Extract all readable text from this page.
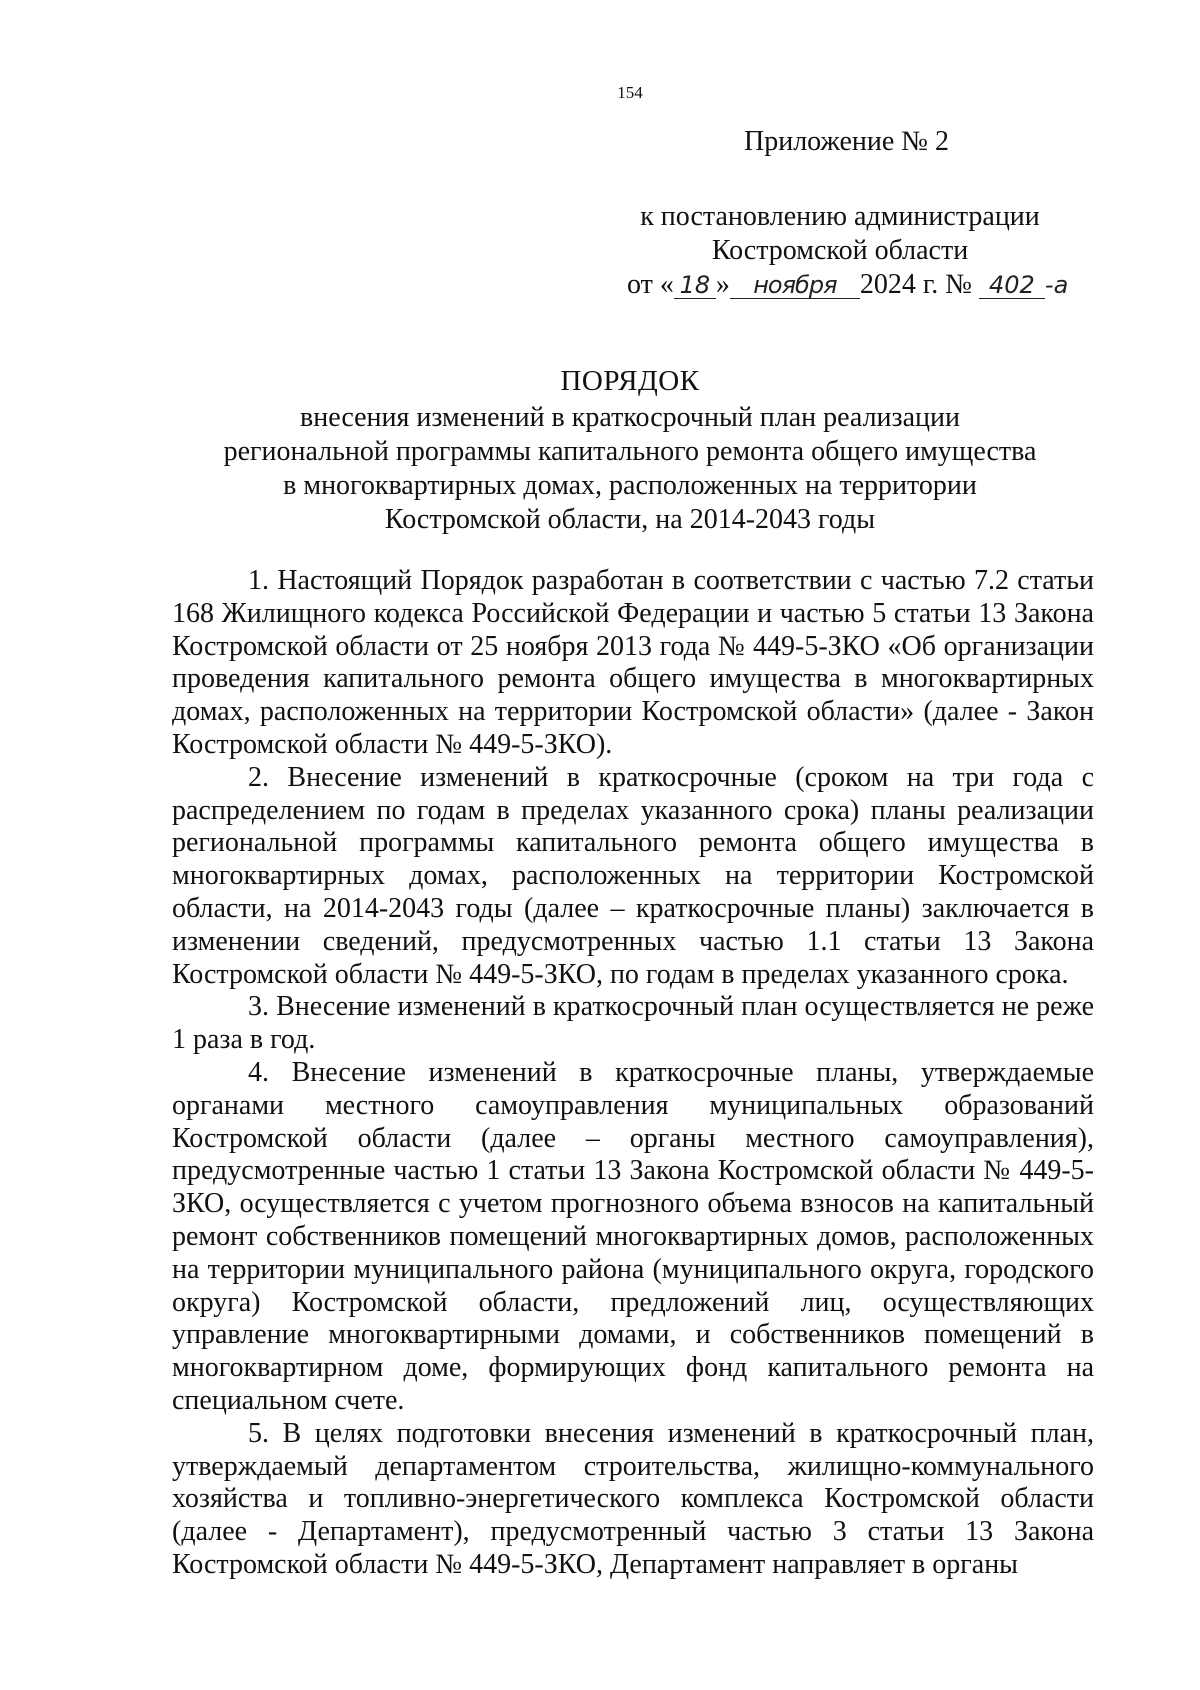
154
Приложение № 2
к постановлению администрации
Костромской области
от « 18 » ноября 2024 г. № 402 -а
ПОРЯДОК
внесения изменений в краткосрочный план реализации
региональной программы капитального ремонта общего имущества
в многоквартирных домах, расположенных на территории
Костромской области, на 2014-2043 годы

1. Настоящий Порядок разработан в соответствии с частью 7.2 статьи 168 Жилищного кодекса Российской Федерации и частью 5 статьи 13 Закона Костромской области от 25 ноября 2013 года № 449-5-ЗКО «Об организации проведения капитального ремонта общего имущества в многоквартирных домах, расположенных на территории Костромской области» (далее - Закон Костромской области № 449-5-ЗКО).

2. Внесение изменений в краткосрочные (сроком на три года с распределением по годам в пределах указанного срока) планы реализации региональной программы капитального ремонта общего имущества в многоквартирных домах, расположенных на территории Костромской области, на 2014-2043 годы (далее – краткосрочные планы) заключается в изменении сведений, предусмотренных частью 1.1 статьи 13 Закона Костромской области № 449-5-ЗКО, по годам в пределах указанного срока.

3. Внесение изменений в краткосрочный план осуществляется не реже 1 раза в год.

4. Внесение изменений в краткосрочные планы, утверждаемые органами местного самоуправления муниципальных образований Костромской области (далее – органы местного самоуправления), предусмотренные частью 1 статьи 13 Закона Костромской области № 449-5-ЗКО, осуществляется с учетом прогнозного объема взносов на капитальный ремонт собственников помещений многоквартирных домов, расположенных на территории муниципального района (муниципального округа, городского округа) Костромской области, предложений лиц, осуществляющих управление многоквартирными домами, и собственников помещений в многоквартирном доме, формирующих фонд капитального ремонта на специальном счете.

5. В целях подготовки внесения изменений в краткосрочный план, утверждаемый департаментом строительства, жилищно-коммунального хозяйства и топливно-энергетического комплекса Костромской области (далее - Департамент), предусмотренный частью 3 статьи 13 Закона Костромской области № 449-5-ЗКО, Департамент направляет в органы
